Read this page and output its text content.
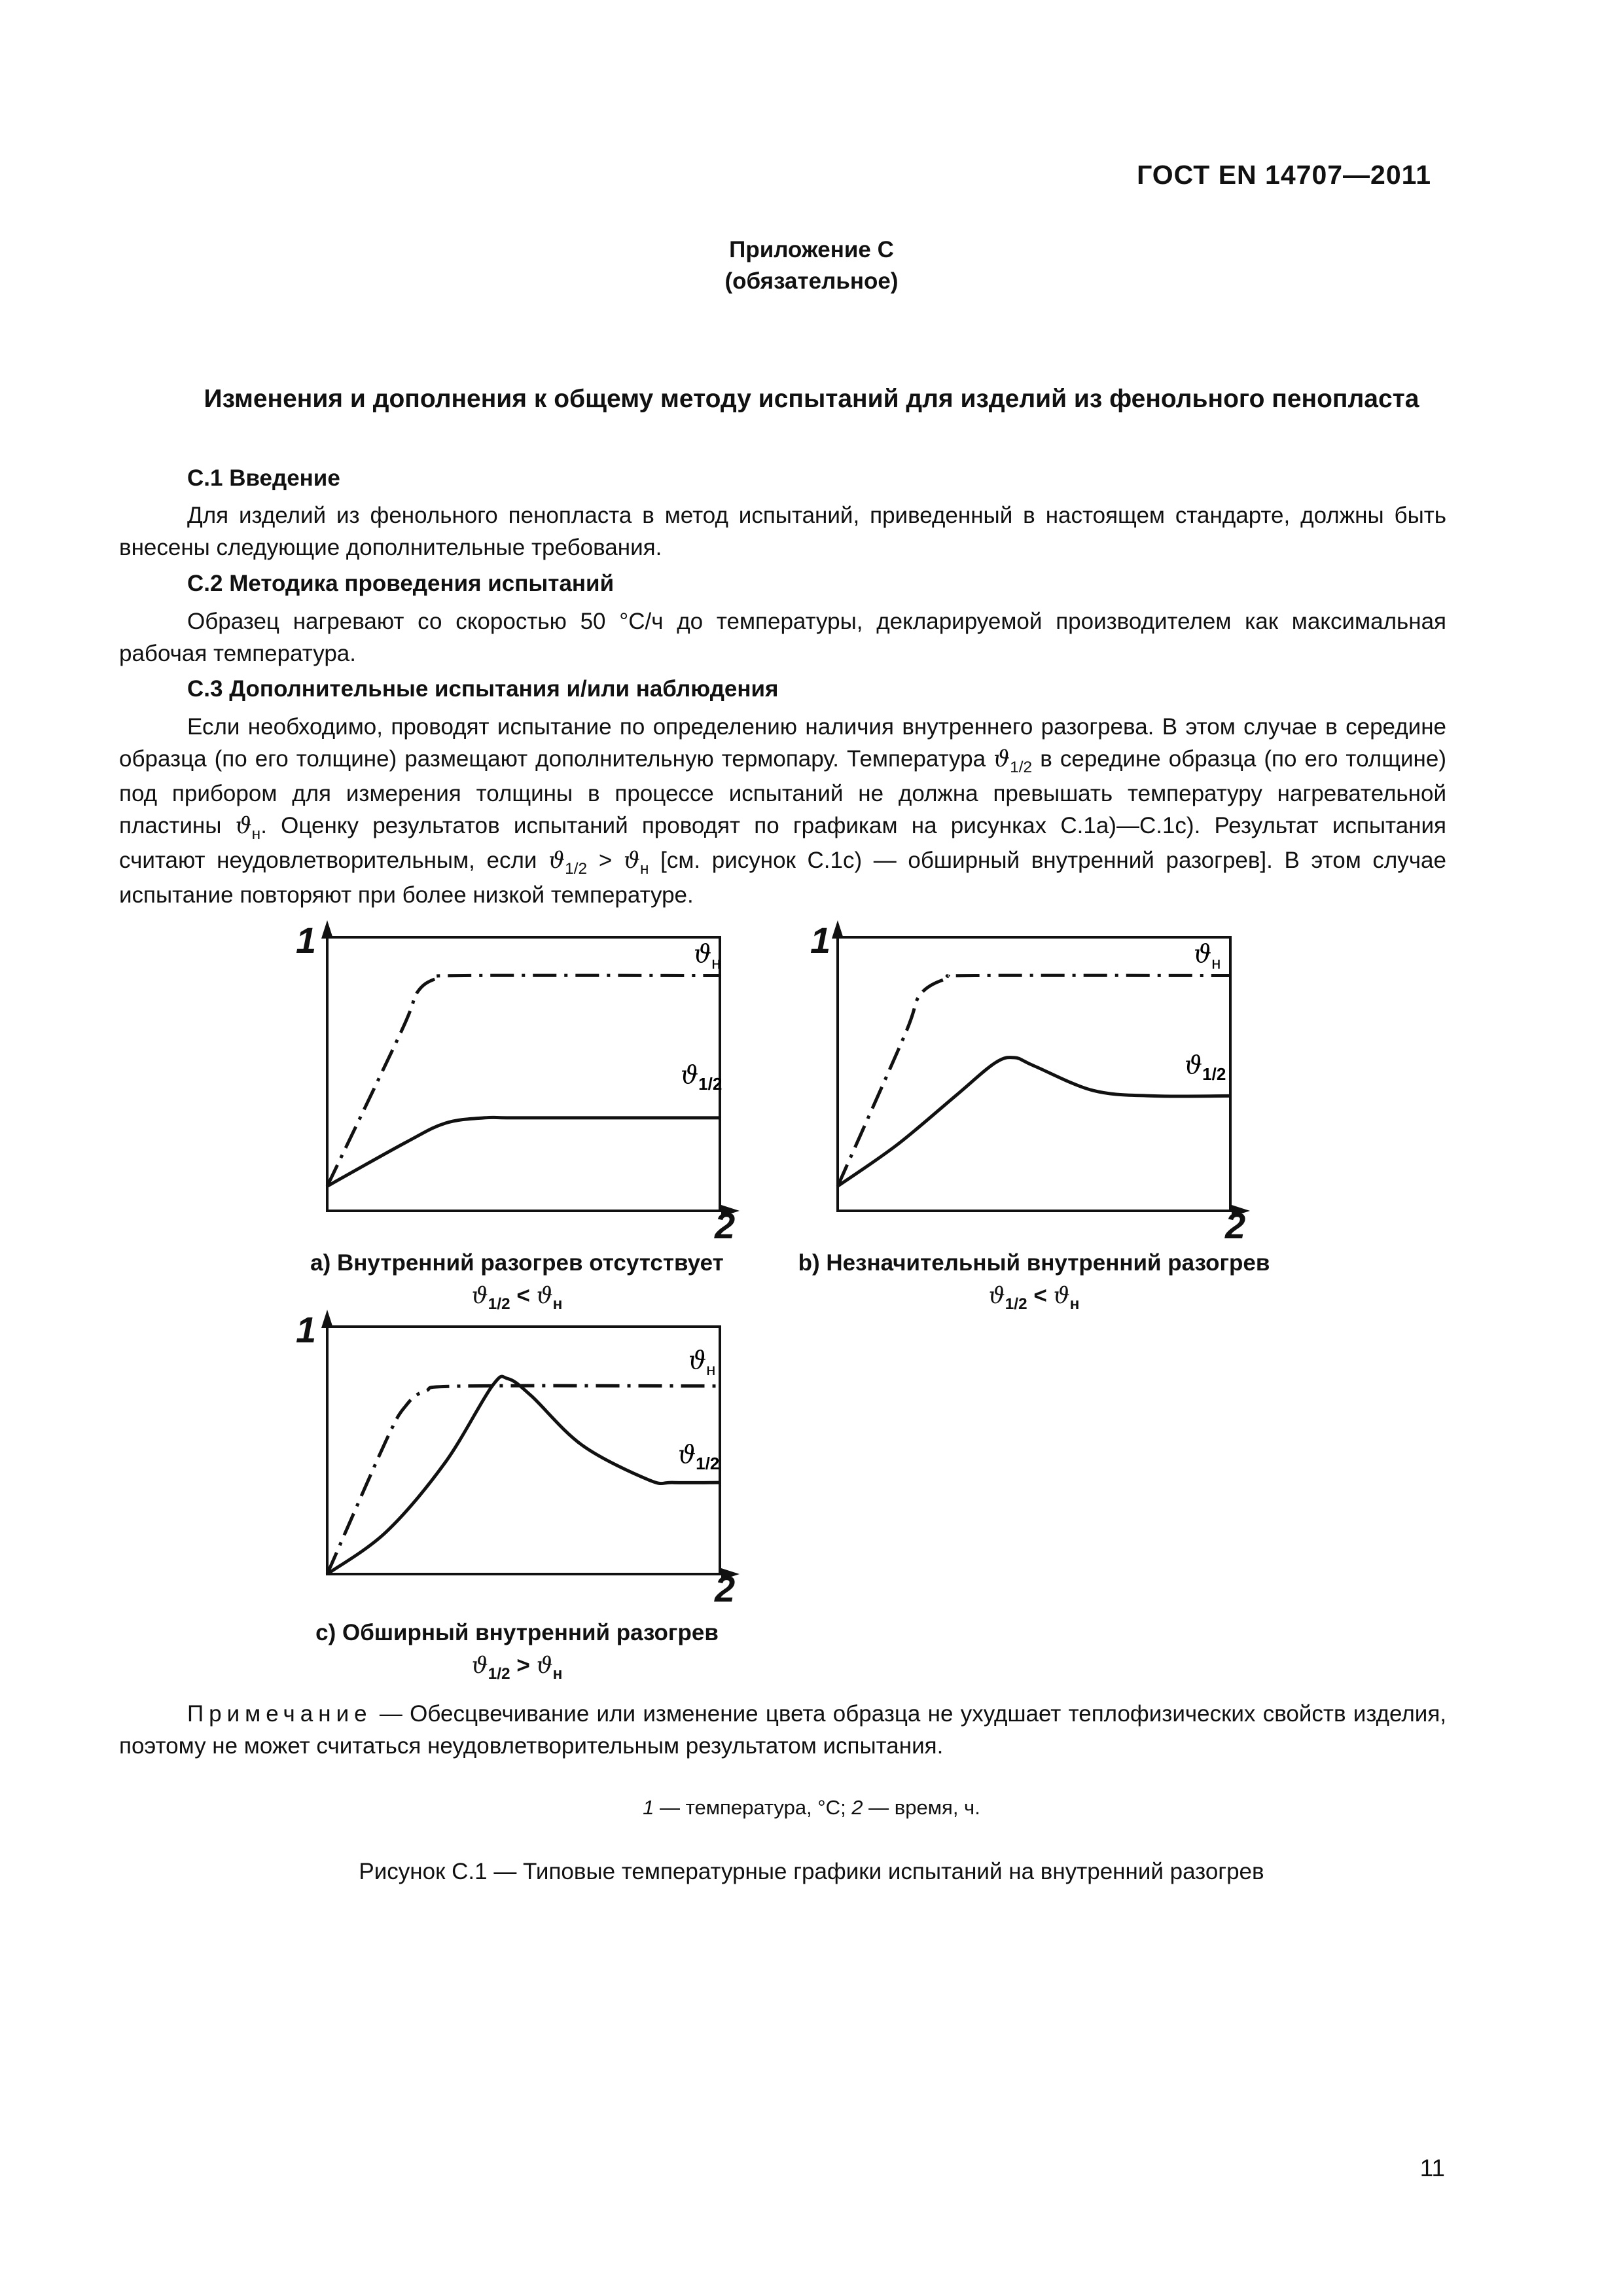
ГОСТ EN 14707—2011
Приложение С
(обязательное)
Изменения и дополнения к общему методу испытаний для изделий из фенольного пенопласта
С.1 Введение

Для изделий из фенольного пенопласта в метод испытаний, приведенный в настоящем стандарте, должны быть внесены следующие дополнительные требования.

С.2 Методика проведения испытаний

Образец нагревают со скоростью 50 °С/ч до температуры, декларируемой производителем как максимальная рабочая температура.

С.3 Дополнительные испытания и/или наблюдения

Если необходимо, проводят испытание по определению наличия внутреннего разогрева. В этом случае в середине образца (по его толщине) размещают дополнительную термопару. Температура $ϑ_{1/2}$ в середине образца (по его толщине) под прибором для измерения толщины в процессе испытаний не должна превышать температуру нагревательной пластины $ϑ_н$. Оценку результатов испытаний проводят по графикам на рисунках С.1а)—С.1с). Результат испытания считают неудовлетворительным, если $ϑ_{1/2} > ϑ_н$ [см. рисунок С.1с) — обширный внутренний разогрев]. В этом случае испытание повторяют при более низкой температуре.

$ϑ_н$
$ϑ_{1/2}$
1
2
a) Внутренний разогрев отсутствует
$ϑ_{1/2} < ϑ_н$
$ϑ_н$
$ϑ_{1/2}$
1
2
b) Незначительный внутренний разогрев
$ϑ_{1/2} < ϑ_н$
$ϑ_н$
$ϑ_{1/2}$
1
2
с) Обширный внутренний разогрев
$ϑ_{1/2} > ϑ_н$

Примечание — Обесцвечивание или изменение цвета образца не ухудшает теплофизических свойств изделия, поэтому не может считаться неудовлетворительным результатом испытания.

1 — температура, °С; 2 — время, ч.
Рисунок С.1 — Типовые температурные графики испытаний на внутренний разогрев
11
